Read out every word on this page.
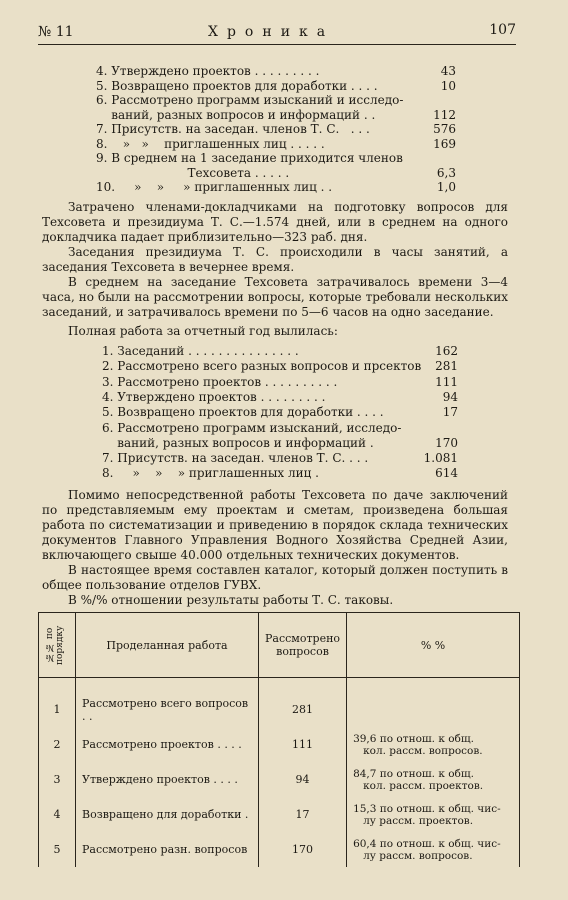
№ 11	Хроника	107
4. Утверждено проектов . . . . . . . . .	43
5. Возвращено проектов для доработки . . . .	10
6. Рассмотрено программ изысканий и исследо-
ваний, разных вопросов и информаций . .	112
7. Присутств. на заседан. членов Т. С.   . . .	576
8.    »   »    приглашенных лиц . . . . .	169
9. В среднем на 1 заседание приходится членов
Техсовета . . . . .	6,3
10.     »    »     » приглашенных лиц . .	1,0

Затрачено членами-докладчиками на подготовку вопросов для Техсовета и президиума Т. С.—1.574 дней, или в среднем на одного докладчика падает приблизительно—323 раб. дня.

Заседания президиума Т. С. происходили в часы занятий, а заседания Техсовета в вечернее время.

В среднем на заседание Техсовета затрачивалось времени 3—4 часа, но были на рассмотрении вопросы, которые требовали нескольких заседаний, и затрачивалось времени по 5—6 часов на одно заседание.

Полная работа за отчетный год вылилась:

1. Заседаний . . . . . . . . . . . . . . .	162
2. Рассмотрено всего разных вопросов и прсектов 281
3. Рассмотрено проектов . . . . . . . . . .	111
4. Утверждено проектов . . . . . . . . .	94
5. Возвращено проектов для доработки . . . .	17
6. Рассмотрено программ изысканий, исследо-
ваний, разных вопросов и информаций .	170
7. Присутств. на заседан. членов Т. С. . . .	1.081
8.     »    »    » приглашенных лиц .	614

Помимо непосредственной работы Техсовета по даче заключений по представляемым ему проектам и сметам, произведена большая работа по систематизации и приведению в порядок склада технических документов Главного Управления Водного Хозяйства Средней Азии, включающего свыше 40.000 отдельных технических документов.

В настоящее время составлен каталог, который должен поступить в общее пользование отделов ГУВХ.

В %/% отношении результаты работы Т. С. таковы.

№№ по порядку	Проделанная работа	Рассмотрено вопросов	% %

1	Рассмотрено всего вопросов . .	281	

2	Рассмотрено проектов . . . .	111	39,6 по отнош. к общ.
кол. рассм. вопросов.

3	Утверждено проектов . . . .	94	84,7 по отнош. к общ.
кол. рассм. проектов.

4	Возвращено для доработки .	17	15,3 по отнош. к общ. чис-
лу рассм. проектов.

5	Рассмотрено разн. вопросов	170	60,4 по отнош. к общ. чис-
лу рассм. вопросов.
